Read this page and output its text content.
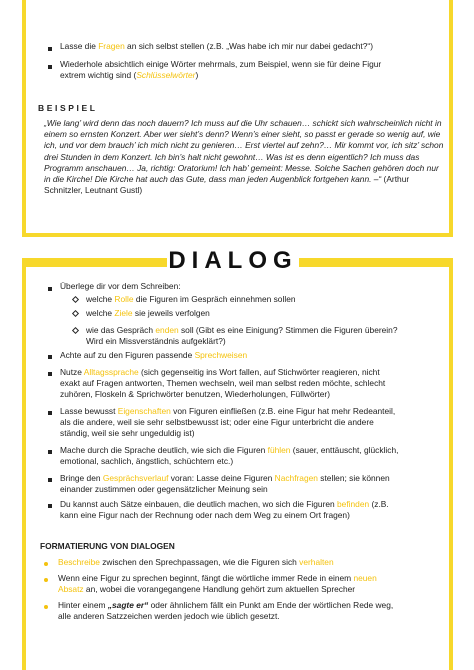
Lasse die Fragen an sich selbst stellen (z.B. „Was habe ich mir nur dabei gedacht?“)
Wiederhole absichtlich einige Wörter mehrmals, zum Beispiel, wenn sie für deine Figur
extrem wichtig sind (Schlüsselwörter)
BEISPIEL
„Wie lang’ wird denn das noch dauern? Ich muss auf die Uhr schauen… schickt sich wahrscheinlich nicht in einem so ernsten Konzert. Aber wer sieht’s denn? Wenn’s einer sieht, so passt er gerade so wenig auf, wie ich, und vor dem brauch’ ich mich nicht zu genieren… Erst viertel auf zehn?… Mir kommt vor, ich sitz’ schon drei Stunden in dem Konzert. Ich bin’s halt nicht gewohnt… Was ist es denn eigentlich? Ich muss das Programm anschauen… Ja, richtig: Oratorium! Ich hab’ gemeint: Messe. Solche Sachen gehören doch nur in die Kirche! Die Kirche hat auch das Gute, dass man jeden Augenblick fortgehen kann. –“ (Arthur Schnitzler, Leutnant Gustl)
DIALOG
Überlege dir vor dem Schreiben:
welche Rolle die Figuren im Gespräch einnehmen sollen
welche Ziele sie jeweils verfolgen
wie das Gespräch enden soll (Gibt es eine Einigung? Stimmen die Figuren überein?
Wird ein Missverständnis aufgeklärt?)
Achte auf zu den Figuren passende Sprechweisen
Nutze Alltagssprache (sich gegenseitig ins Wort fallen, auf Stichwörter reagieren, nicht
exakt auf Fragen antworten, Themen wechseln, weil man selbst reden möchte, schlecht
zuhören, Floskeln & Sprichwörter benutzen, Wiederholungen, Füllwörter)
Lasse bewusst Eigenschaften von Figuren einfließen (z.B. eine Figur hat mehr Redeanteil,
als die andere, weil sie sehr selbstbewusst ist; oder eine Figur unterbricht die andere
ständig, weil sie sehr ungeduldig ist)
Mache durch die Sprache deutlich, wie sich die Figuren fühlen (sauer, enttäuscht, glücklich,
emotional, sachlich, ängstlich, schüchtern etc.)
Bringe den Gesprächsverlauf voran: Lasse deine Figuren Nachfragen stellen; sie können
einander zustimmen oder gegensätzlicher Meinung sein
Du kannst auch Sätze einbauen, die deutlich machen, wo sich die Figuren befinden (z.B.
kann eine Figur nach der Rechnung oder nach dem Weg zu einem Ort fragen)
FORMATIERUNG VON DIALOGEN
Beschreibe zwischen den Sprechpassagen, wie die Figuren sich verhalten
Wenn eine Figur zu sprechen beginnt, fängt die wörtliche immer Rede in einem neuen
Absatz an, wobei die vorangegangene Handlung gehört zum aktuellen Sprecher
Hinter einem „sagte er“ oder ähnlichem fällt ein Punkt am Ende der wörtlichen Rede weg,
alle anderen Satzzeichen werden jedoch wie üblich gesetzt.
